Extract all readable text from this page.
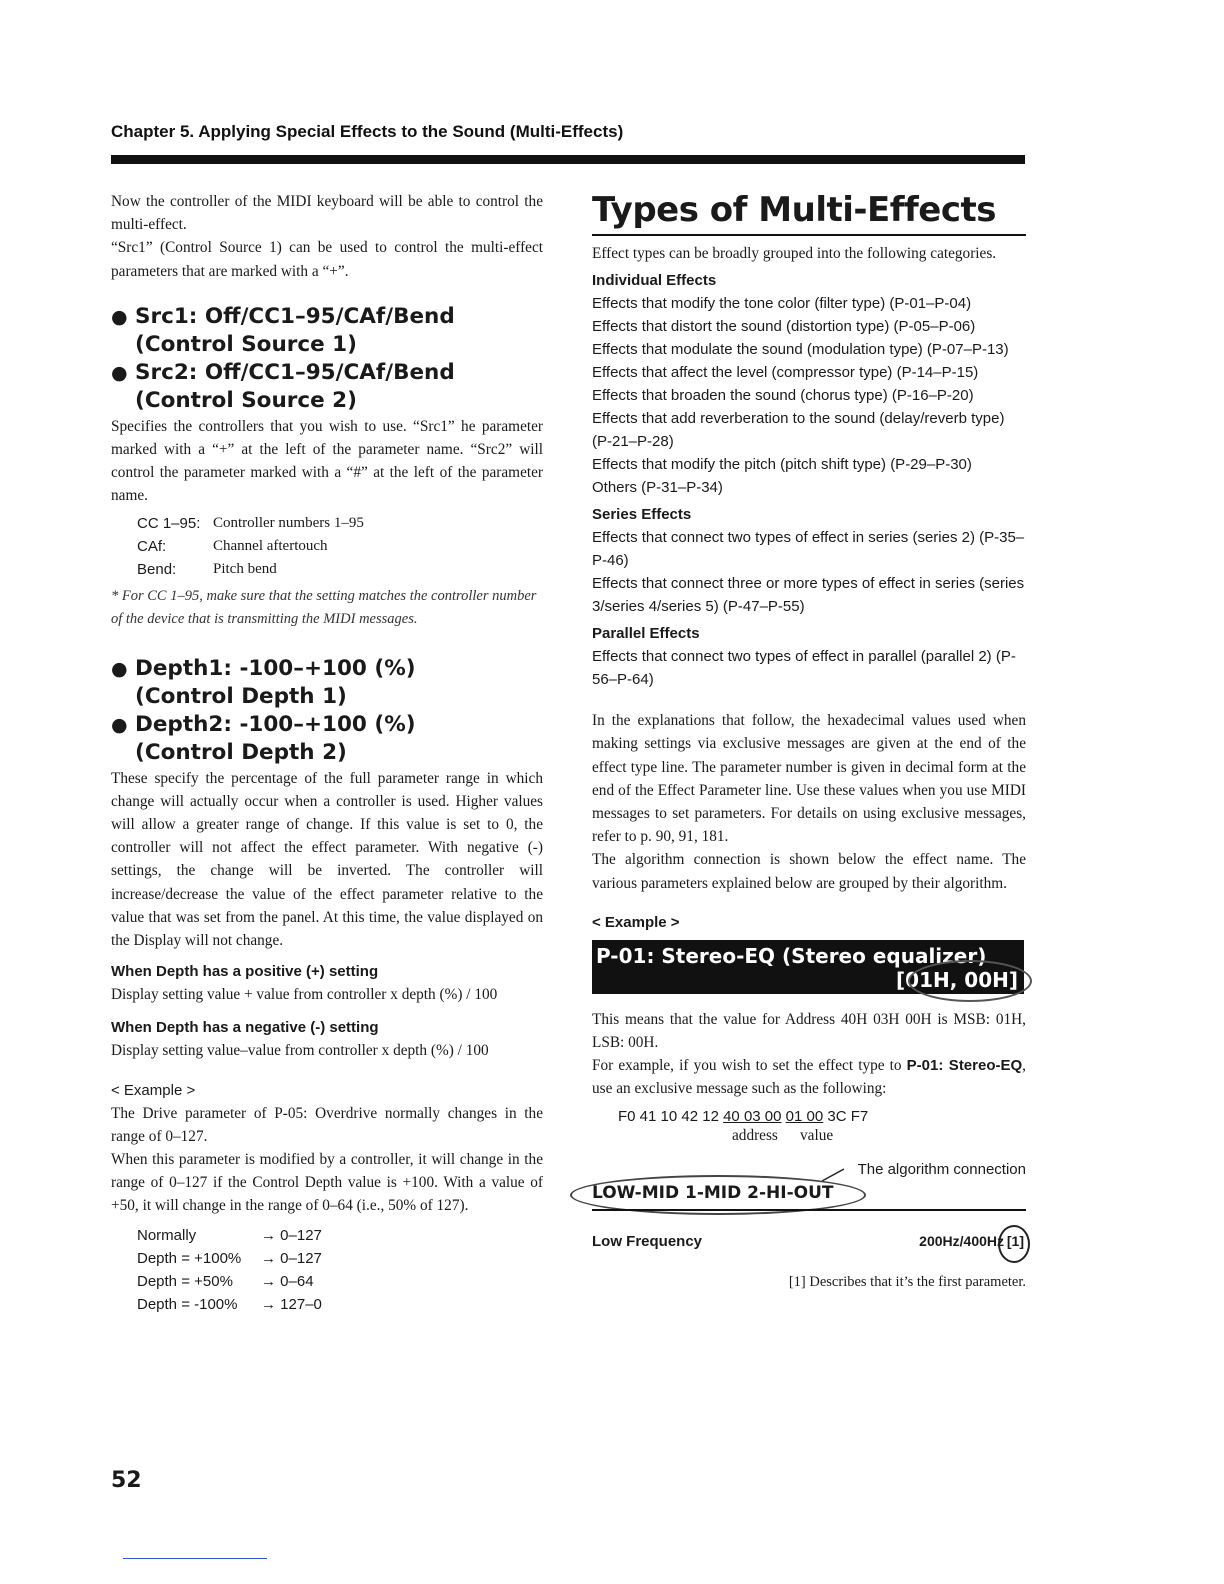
Chapter 5. Applying Special Effects to the Sound (Multi-Effects)

Now the controller of the MIDI keyboard will be able to control the multi-effect.

“Src1” (Control Source 1) can be used to control the multi-effect parameters that are marked with a “+”.

● Src1: Off/CC1–95/CAf/Bend
(Control Source 1)
● Src2: Off/CC1–95/CAf/Bend
(Control Source 2)

Specifies the controllers that you wish to use. “Src1” he parameter marked with a “+” at the left of the parameter name. “Src2” will control the parameter marked with a “#” at the left of the parameter name.

CC 1–95: Controller numbers 1–95
CAf:	Channel aftertouch
Bend:	Pitch bend

* For CC 1–95, make sure that the setting matches the controller number of the device that is transmitting the MIDI messages.

● Depth1: -100–+100 (%)
(Control Depth 1)
● Depth2: -100–+100 (%)
(Control Depth 2)

These specify the percentage of the full parameter range in which change will actually occur when a controller is used. Higher values will allow a greater range of change. If this value is set to 0, the controller will not affect the effect parameter. With negative (-) settings, the change will be inverted. The controller will increase/decrease the value of the effect parameter relative to the value that was set from the panel. At this time, the value displayed on the Display will not change.

When Depth has a positive (+) setting

Display setting value + value from controller x depth (%) / 100

When Depth has a negative (-) setting

Display setting value–value from controller x depth (%) / 100

< Example >

The Drive parameter of P-05: Overdrive normally changes in the range of 0–127.

When this parameter is modified by a controller, it will change in the range of 0–127 if the Control Depth value is +100. With a value of +50, it will change in the range of 0–64 (i.e., 50% of 127).

Normally	→ 0–127
Depth = +100%	→ 0–127
Depth = +50%	→ 0–64
Depth = -100%	→ 127–0

Types of Multi-Effects

Effect types can be broadly grouped into the following categories.

Individual Effects

Effects that modify the tone color (filter type) (P-01–P-04)

Effects that distort the sound (distortion type) (P-05–P-06)

Effects that modulate the sound (modulation type) (P-07–P-13)

Effects that affect the level (compressor type) (P-14–P-15)

Effects that broaden the sound (chorus type) (P-16–P-20)

Effects that add reverberation to the sound (delay/reverb type) (P-21–P-28)

Effects that modify the pitch (pitch shift type) (P-29–P-30)

Others (P-31–P-34)

Series Effects

Effects that connect two types of effect in series (series 2) (P-35–P-46)

Effects that connect three or more types of effect in series (series 3/series 4/series 5) (P-47–P-55)

Parallel Effects

Effects that connect two types of effect in parallel (parallel 2) (P-56–P-64)

In the explanations that follow, the hexadecimal values used when making settings via exclusive messages are given at the end of the effect type line. The parameter number is given in decimal form at the end of the Effect Parameter line. Use these values when you use MIDI messages to set parameters. For details on using exclusive messages, refer to p. 90, 91, 181.

The algorithm connection is shown below the effect name. The various parameters explained below are grouped by their algorithm.

< Example >

P-01: Stereo-EQ (Stereo equalizer)
[01H, 00H]

This means that the value for Address 40H 03H 00H is MSB: 01H, LSB: 00H.

For example, if you wish to set the effect type to P-01: Stereo-EQ, use an exclusive message such as the following:

F0 41 10 42 12 40 03 00 01 00 3C F7
address value
The algorithm connection
LOW-MID 1-MID 2-HI-OUT
Low Frequency	200Hz/400Hz [1]

[1] Describes that it’s the first parameter.

52
